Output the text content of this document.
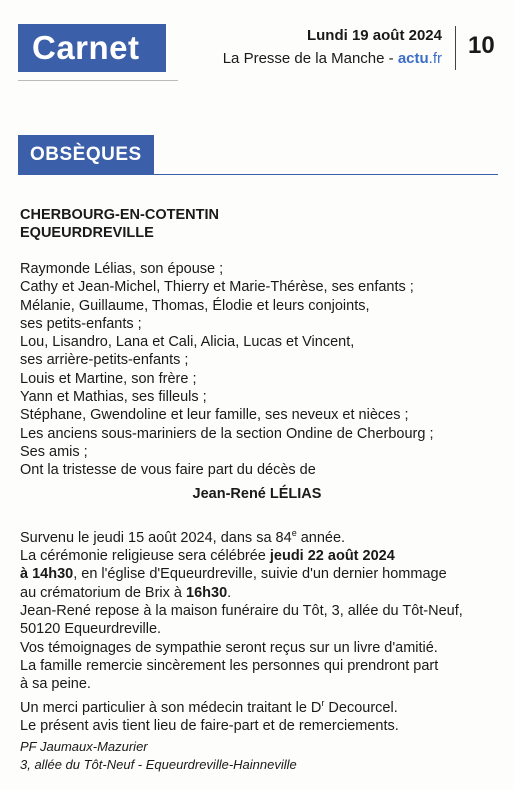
Carnet	Lundi 19 août 2024
La Presse de la Manche - actu.fr 10
OBSÈQUES
CHERBOURG-EN-COTENTIN
EQUEURDREVILLE
Raymonde Lélias, son épouse ;
Cathy et Jean-Michel, Thierry et Marie-Thérèse, ses enfants ;
Mélanie, Guillaume, Thomas, Élodie et leurs conjoints,
ses petits-enfants ;
Lou, Lisandro, Lana et Cali, Alicia, Lucas et Vincent,
ses arrière-petits-enfants ;
Louis et Martine, son frère ;
Yann et Mathias, ses filleuls ;
Stéphane, Gwendoline et leur famille, ses neveux et nièces ;
Les anciens sous-mariniers de la section Ondine de Cherbourg ;
Ses amis ;
Ont la tristesse de vous faire part du décès de
Jean-René LÉLIAS
Survenu le jeudi 15 août 2024, dans sa 84e année.
La cérémonie religieuse sera célébrée jeudi 22 août 2024
à 14h30, en l'église d'Equeurdreville, suivie d'un dernier hommage
au crématorium de Brix à 16h30.
Jean-René repose à la maison funéraire du Tôt, 3, allée du Tôt-Neuf,
50120 Equeurdreville.
Vos témoignages de sympathie seront reçus sur un livre d'amitié.
La famille remercie sincèrement les personnes qui prendront part
à sa peine.
Un merci particulier à son médecin traitant le $D^r$ Decourcel.
Le présent avis tient lieu de faire-part et de remerciements.
PF Jaumaux-Mazurier
3, allée du Tôt-Neuf - Equeurdreville-Hainneville
